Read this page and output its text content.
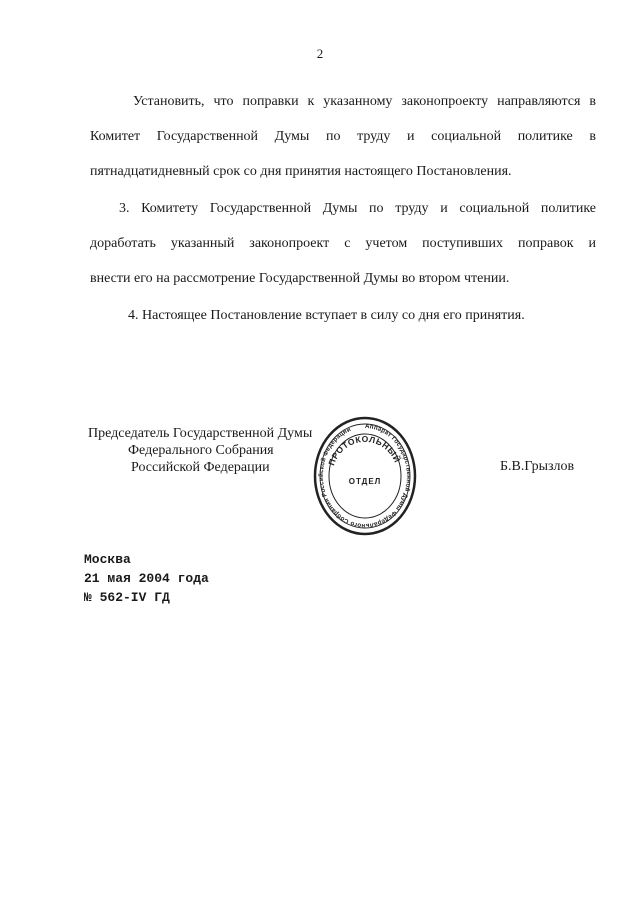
2

Установить, что поправки к указанному законопроекту направляются в
Комитет Государственной Думы по труду и социальной политике в
пятнадцатидневный срок со дня принятия настоящего Постановления.

3. Комитету Государственной Думы по труду и социальной политике
доработать указанный законопроект с учетом поступивших поправок и
внести его на рассмотрение Государственной Думы во втором чтении.

4. Настоящее Постановление вступает в силу со дня его принятия.

Председатель Государственной Думы
Федерального Собрания
Российской Федерации
Аппарат Государственной Думы Федерального Собрания Российской Федерации
ПРОТОКОЛЬНЫЙ
ОТДЕЛ
Б.В.Грызлов
Москва
21 мая 2004 года
№ 562-IV ГД
